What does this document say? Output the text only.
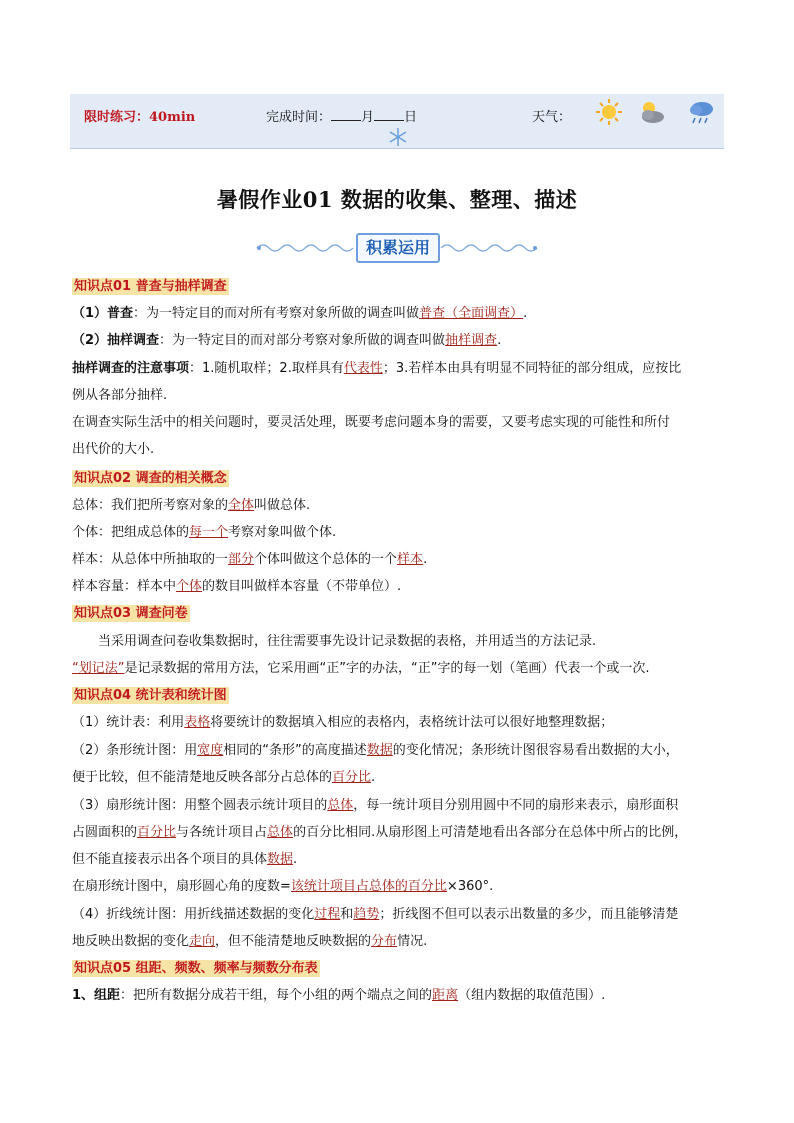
限时练习：40min	完成时间： 月 日	天气：
暑假作业01 数据的收集、整理、描述
积累运用
知识点01 普查与抽样调查
（1）普查：为一特定目的而对所有考察对象所做的调查叫做普查（全面调查）.
（2）抽样调查：为一特定目的而对部分考察对象所做的调查叫做抽样调查.
抽样调查的注意事项：1.随机取样；2.取样具有代表性；3.若样本由具有明显不同特征的部分组成，应按比
例从各部分抽样.
在调查实际生活中的相关问题时，要灵活处理，既要考虑问题本身的需要，又要考虑实现的可能性和所付
出代价的大小.
知识点02 调查的相关概念
总体：我们把所考察对象的全体叫做总体.
个体：把组成总体的每一个考察对象叫做个体.
样本：从总体中所抽取的一部分个体叫做这个总体的一个样本.
样本容量：样本中个体的数目叫做样本容量（不带单位）.
知识点03 调查问卷
当采用调查问卷收集数据时，往往需要事先设计记录数据的表格，并用适当的方法记录.
“划记法”是记录数据的常用方法，它采用画“正”字的办法，“正”字的每一划（笔画）代表一个或一次.
知识点04 统计表和统计图
（1）统计表：利用表格将要统计的数据填入相应的表格内，表格统计法可以很好地整理数据；
（2）条形统计图：用宽度相同的“条形”的高度描述数据的变化情况；条形统计图很容易看出数据的大小，
便于比较，但不能清楚地反映各部分占总体的百分比.
（3）扇形统计图：用整个圆表示统计项目的总体，每一统计项目分别用圆中不同的扇形来表示，扇形面积
占圆面积的百分比与各统计项目占总体的百分比相同.从扇形图上可清楚地看出各部分在总体中所占的比例，
但不能直接表示出各个项目的具体数据.
在扇形统计图中，扇形圆心角的度数=该统计项目占总体的百分比×360°.
（4）折线统计图：用折线描述数据的变化过程和趋势；折线图不但可以表示出数量的多少，而且能够清楚
地反映出数据的变化走向，但不能清楚地反映数据的分布情况.
知识点05 组距、频数、频率与频数分布表
1、组距：把所有数据分成若干组，每个小组的两个端点之间的距离（组内数据的取值范围）.
